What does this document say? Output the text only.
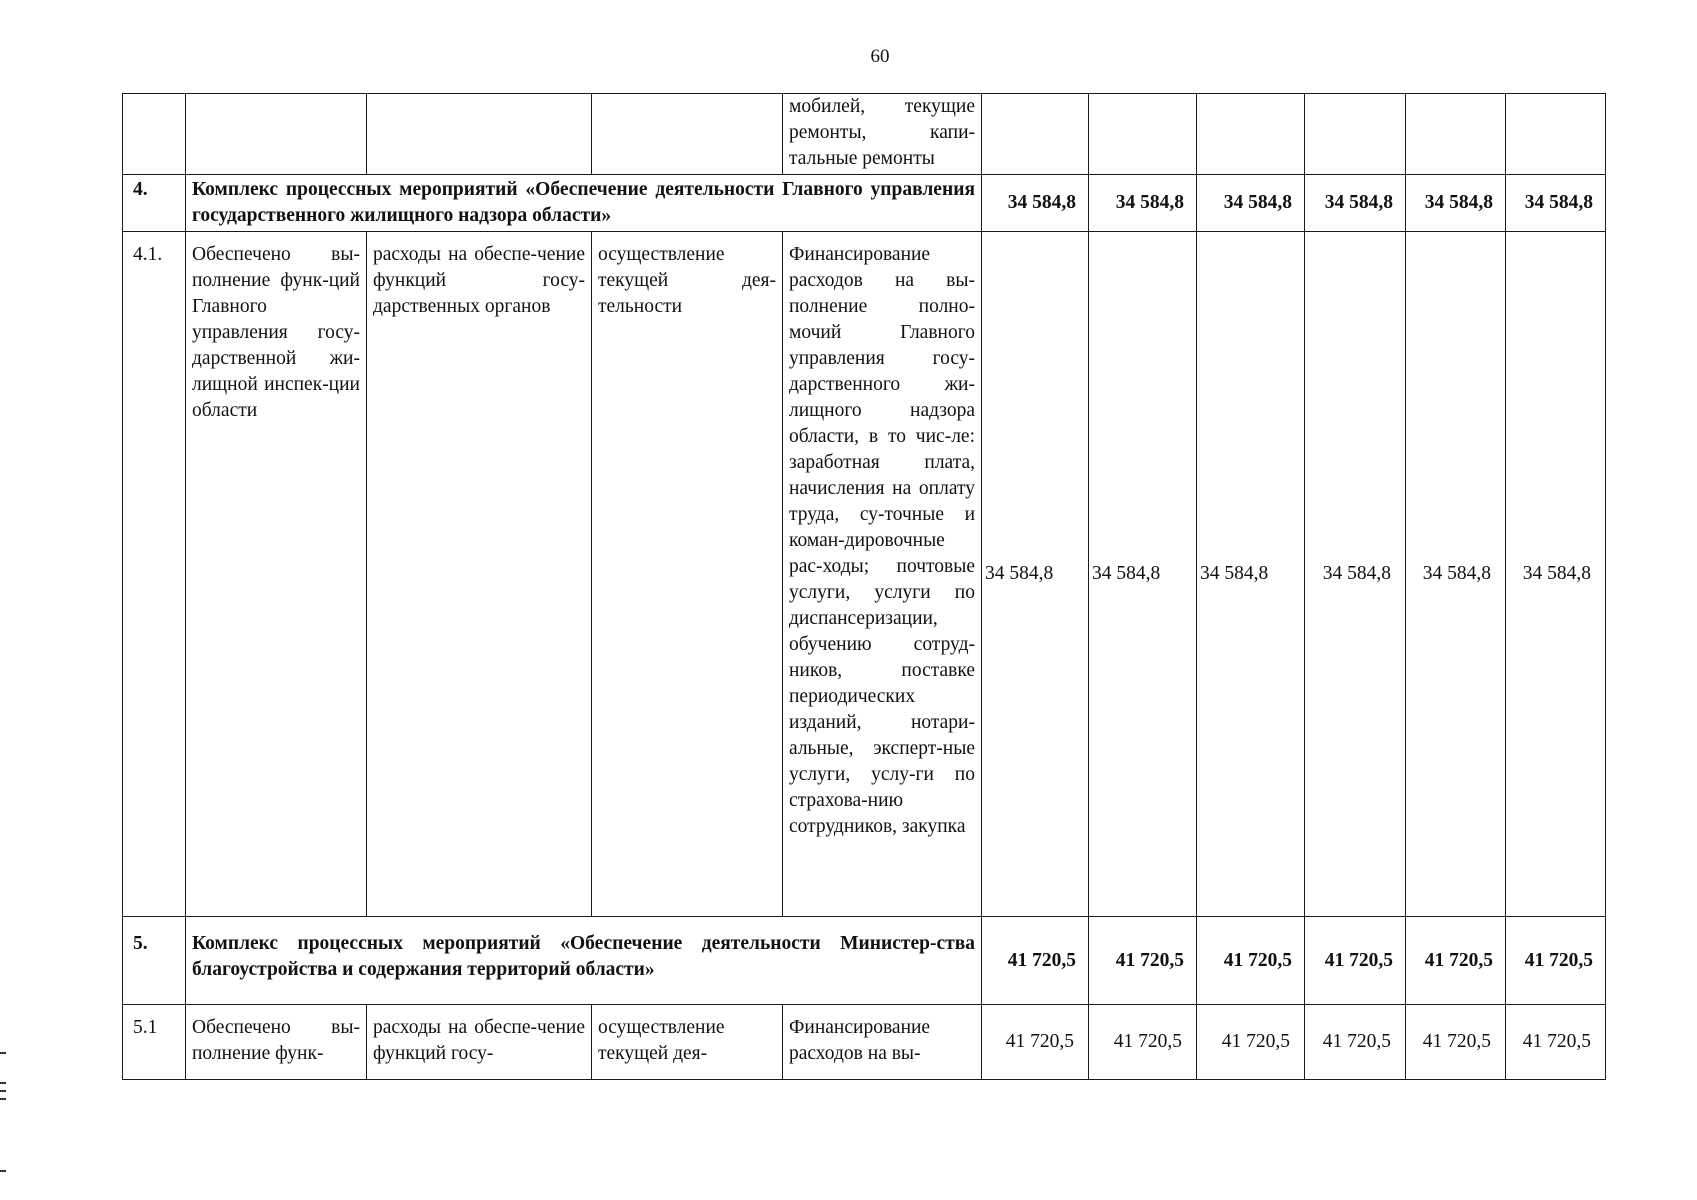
60
				мобилей, текущие ремонты, капи-тальные ремонты						
4.	Комплекс процессных мероприятий «Обеспечение деятельности Главного управления государственного жилищного надзора области»				34 584,8	34 584,8	34 584,8	34 584,8	34 584,8	34 584,8
4.1.	Обеспечено вы-полнение функ-ций Главного управления госу-дарственной жи-лищной инспек-ции области	расходы на обеспе-чение функций госу-дарственных органов	осуществление текущей дея-тельности	Финансирование расходов на вы-полнение полно-мочий Главного управления госу-дарственного жи-лищного надзора области, в то чис-ле: заработная плата, начисления на оплату труда, су-точные и коман-дировочные рас-ходы; почтовые услуги, услуги по диспансеризации, обучению сотруд-ников, поставке периодических изданий, нотари-альные, эксперт-ные услуги, услу-ги по страхова-нию сотрудников, закупка	34 584,8	34 584,8	34 584,8	34 584,8	34 584,8	34 584,8
5.	Комплекс процессных мероприятий «Обеспечение деятельности Министер-ства благоустройства и содержания территорий области»				41 720,5	41 720,5	41 720,5	41 720,5	41 720,5	41 720,5
5.1	Обеспечено вы-полнение функ-	расходы на обеспе-чение функций госу-	осуществление текущей дея-	Финансирование расходов на вы-	41 720,5	41 720,5	41 720,5	41 720,5	41 720,5	41 720,5
